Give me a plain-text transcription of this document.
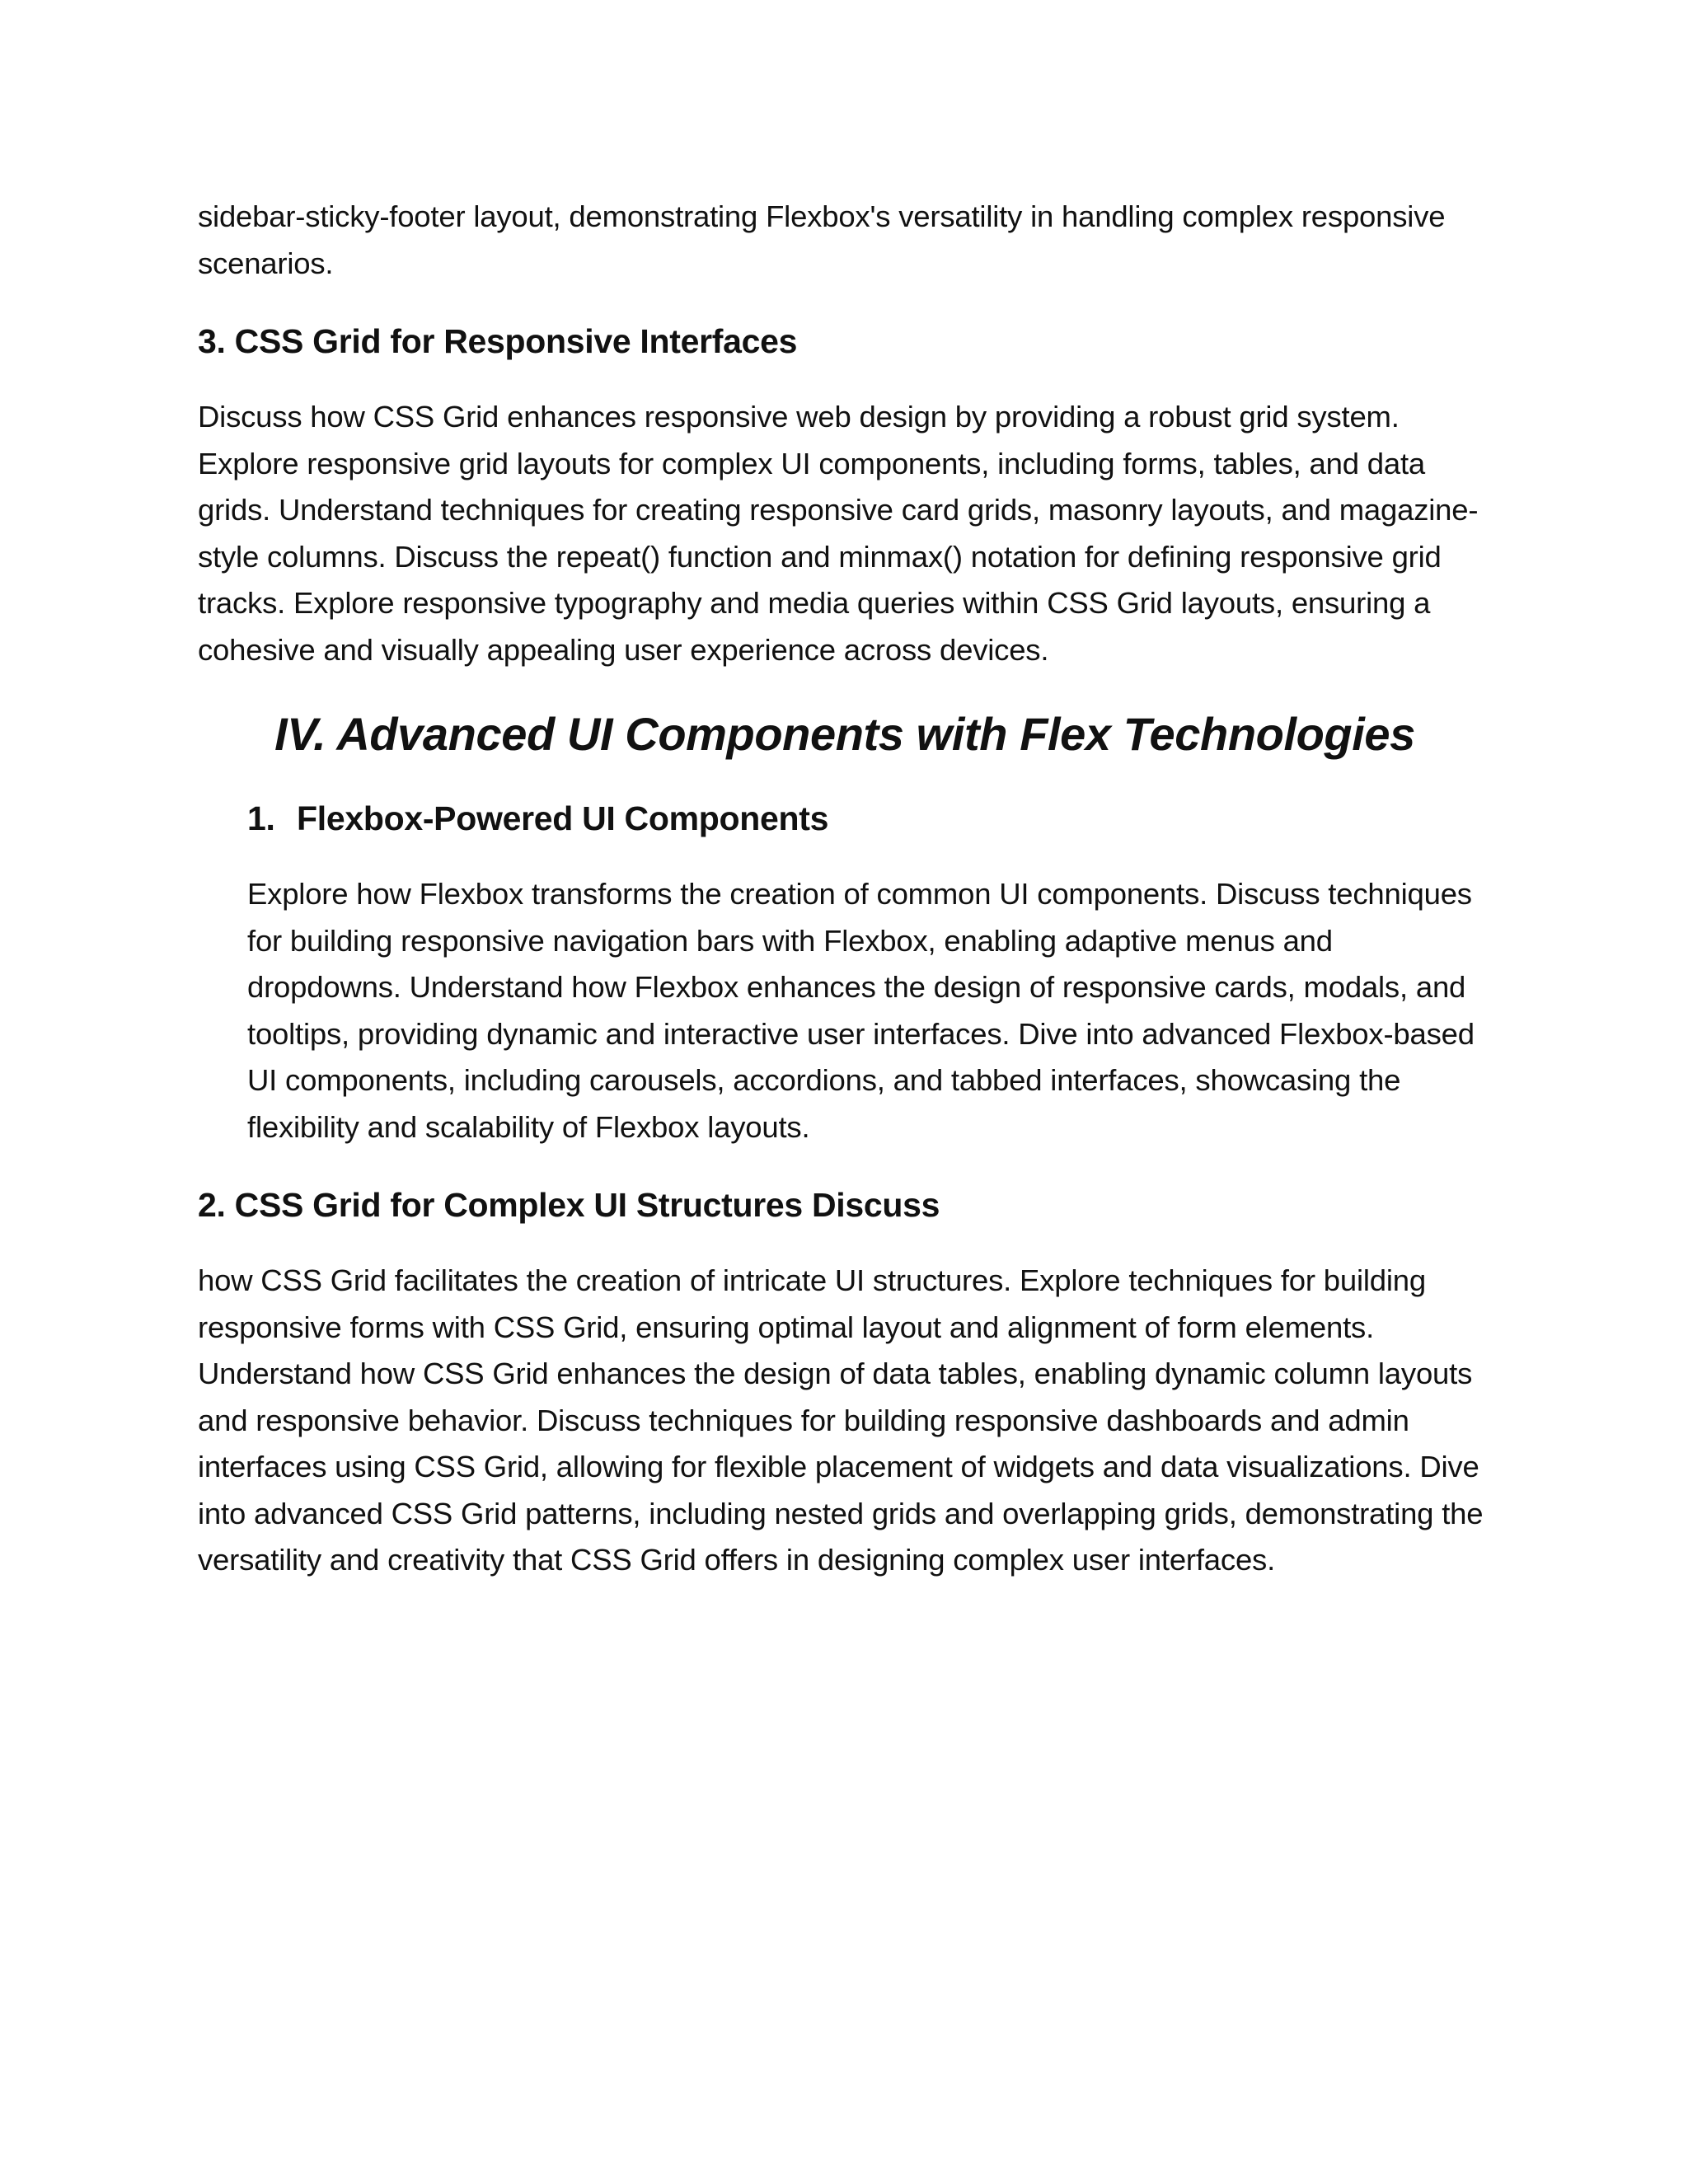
sidebar-sticky-footer layout, demonstrating Flexbox's versatility in handling complex responsive scenarios.

3. CSS Grid for Responsive Interfaces

Discuss how CSS Grid enhances responsive web design by providing a robust grid system. Explore responsive grid layouts for complex UI components, including forms, tables, and data grids. Understand techniques for creating responsive card grids, masonry layouts, and magazine-style columns. Discuss the repeat() function and minmax() notation for defining responsive grid tracks. Explore responsive typography and media queries within CSS Grid layouts, ensuring a cohesive and visually appealing user experience across devices.

IV. Advanced UI Components with Flex Technologies
1. Flexbox-Powered UI Components

Explore how Flexbox transforms the creation of common UI components. Discuss techniques for building responsive navigation bars with Flexbox, enabling adaptive menus and dropdowns. Understand how Flexbox enhances the design of responsive cards, modals, and tooltips, providing dynamic and interactive user interfaces. Dive into advanced Flexbox-based UI components, including carousels, accordions, and tabbed interfaces, showcasing the flexibility and scalability of Flexbox layouts.

2. CSS Grid for Complex UI Structures Discuss

how CSS Grid facilitates the creation of intricate UI structures. Explore techniques for building responsive forms with CSS Grid, ensuring optimal layout and alignment of form elements. Understand how CSS Grid enhances the design of data tables, enabling dynamic column layouts and responsive behavior. Discuss techniques for building responsive dashboards and admin interfaces using CSS Grid, allowing for flexible placement of widgets and data visualizations. Dive into advanced CSS Grid patterns, including nested grids and overlapping grids, demonstrating the versatility and creativity that CSS Grid offers in designing complex user interfaces.
